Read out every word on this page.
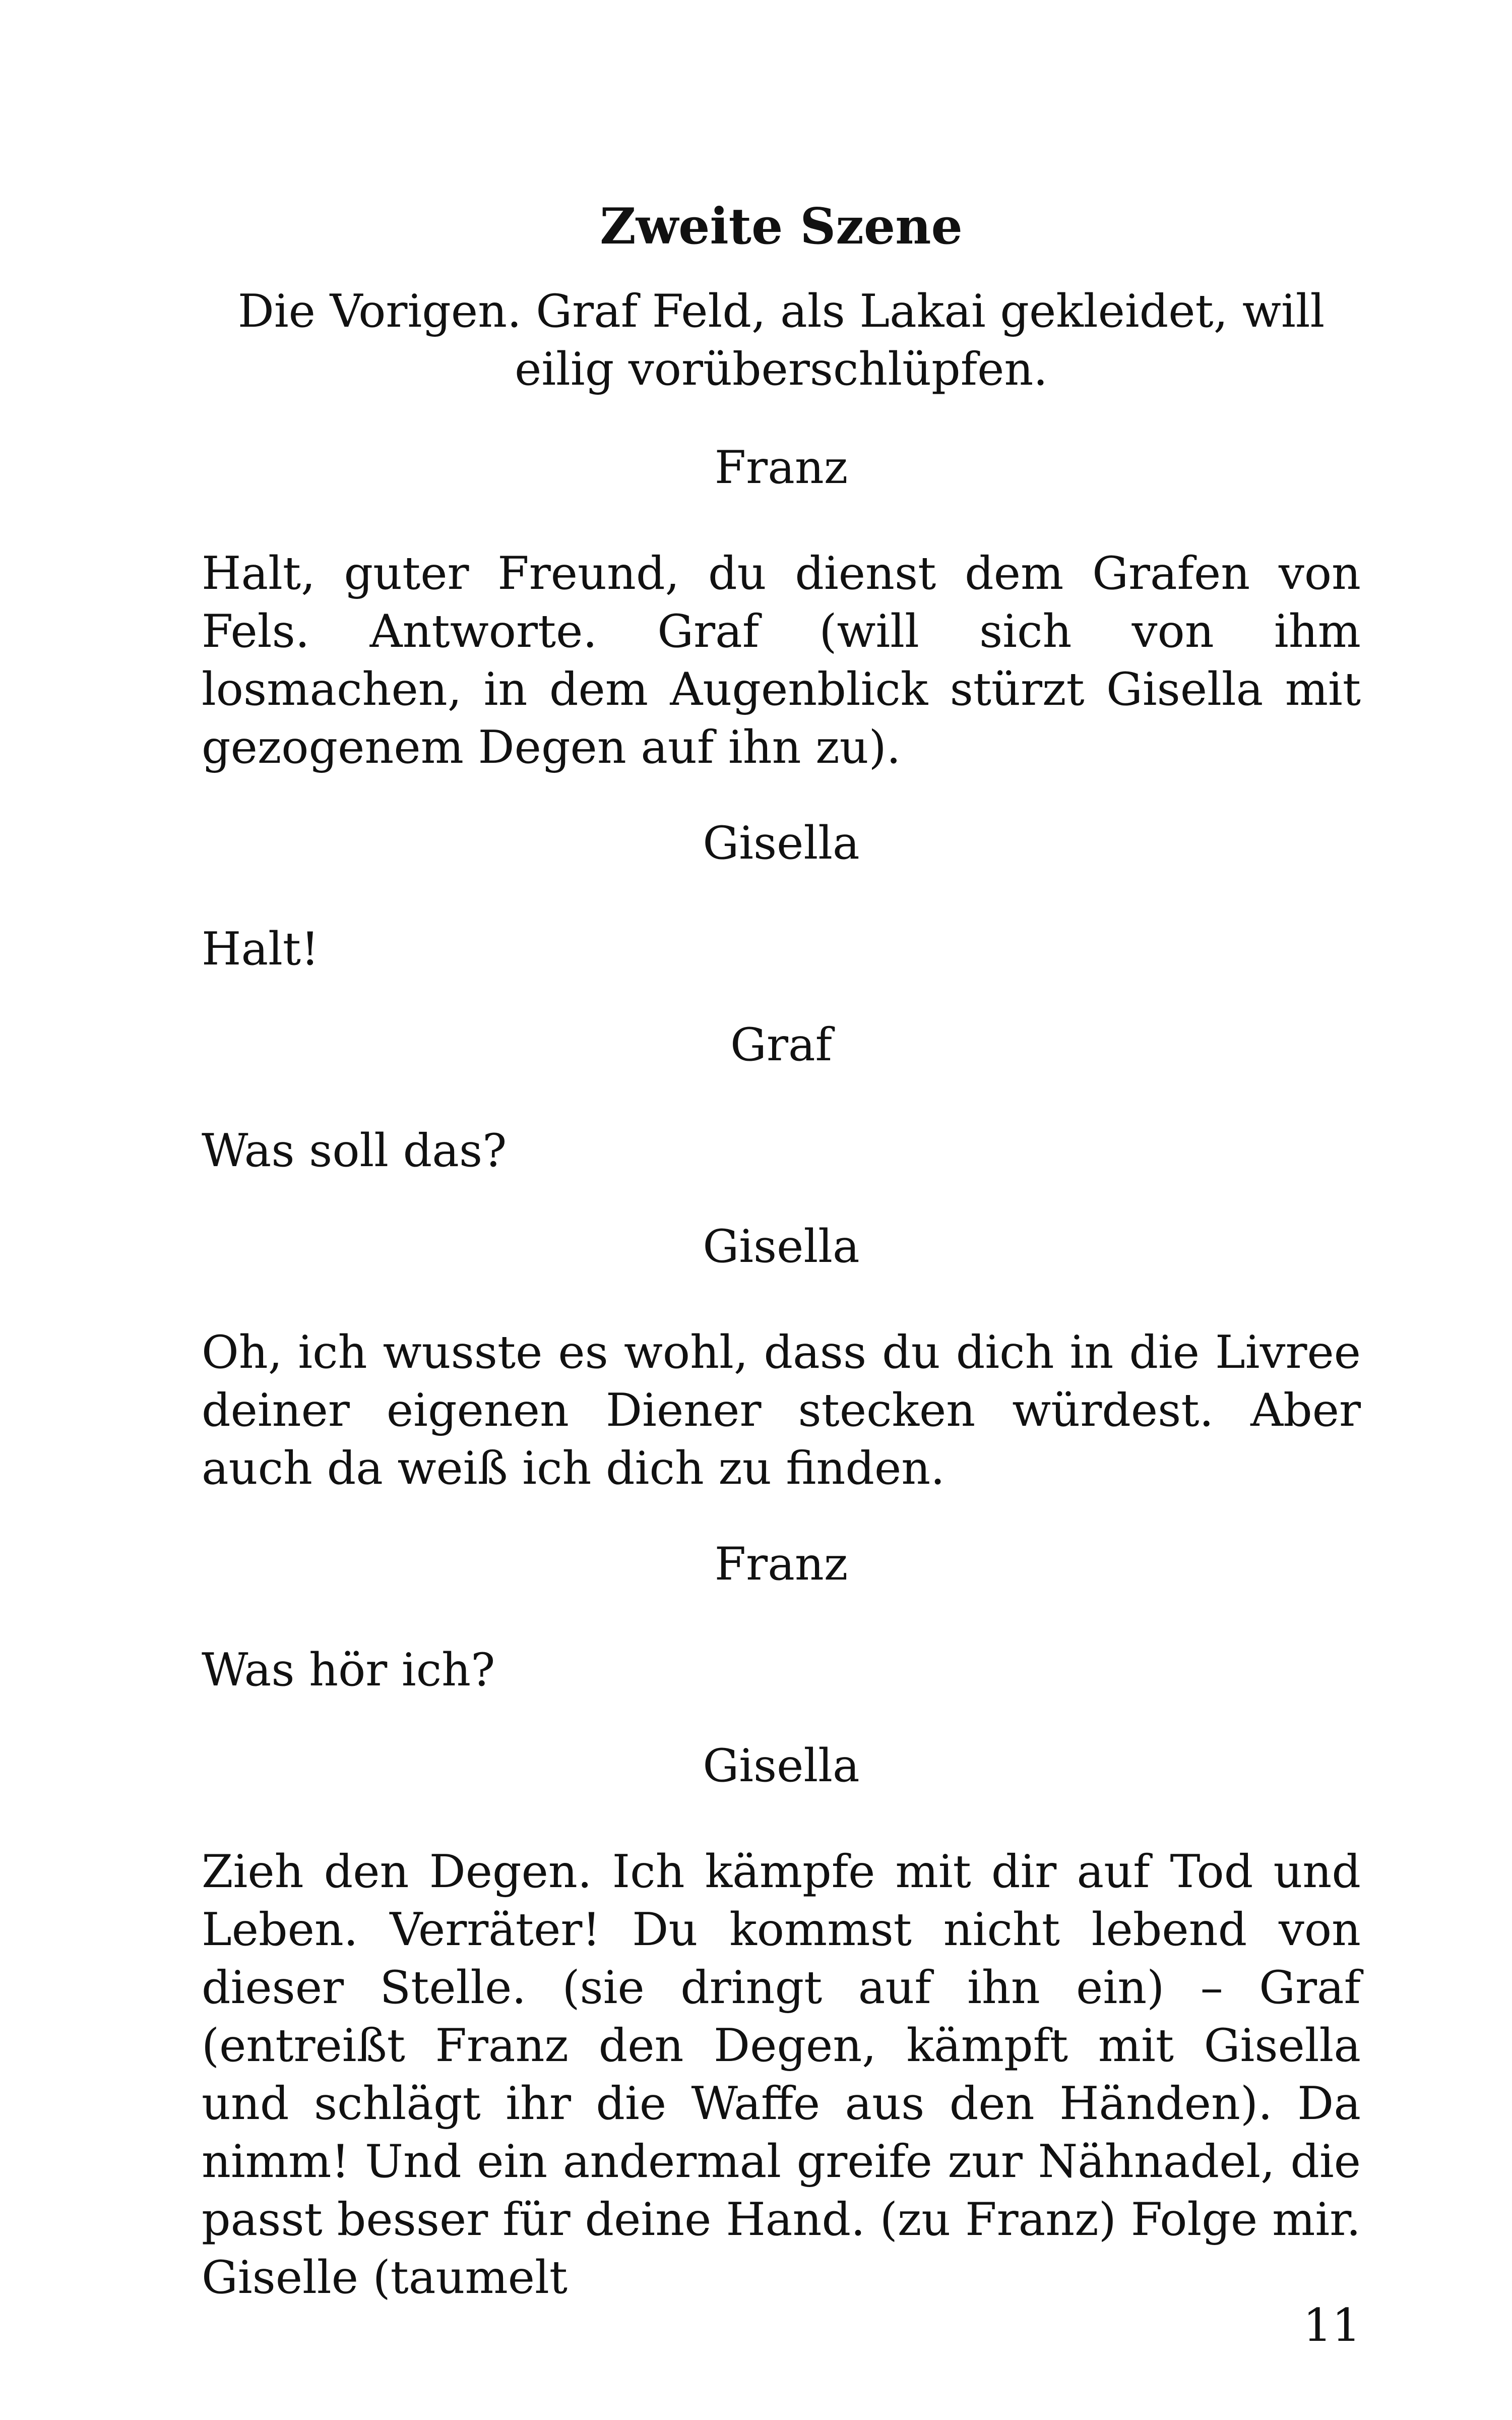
Zweite Szene

Die Vorigen. Graf Feld, als Lakai gekleidet, will eilig vorüberschlüpfen.

Franz

Halt, guter Freund, du dienst dem Grafen von Fels. Antworte. Graf (will sich von ihm losmachen, in dem Augenblick stürzt Gisella mit gezogenem Degen auf ihn zu).

Gisella

Halt!

Graf

Was soll das?

Gisella

Oh, ich wusste es wohl, dass du dich in die Livree deiner eigenen Diener stecken würdest. Aber auch da weiß ich dich zu finden.

Franz

Was hör ich?

Gisella

Zieh den Degen. Ich kämpfe mit dir auf Tod und Leben. Verräter! Du kommst nicht lebend von dieser Stelle. (sie dringt auf ihn ein) – Graf (entreißt Franz den Degen, kämpft mit Gisella und schlägt ihr die Waffe aus den Händen). Da nimm! Und ein andermal greife zur Nähnadel, die passt besser für deine Hand. (zu Franz) Folge mir. Giselle (taumelt

11
